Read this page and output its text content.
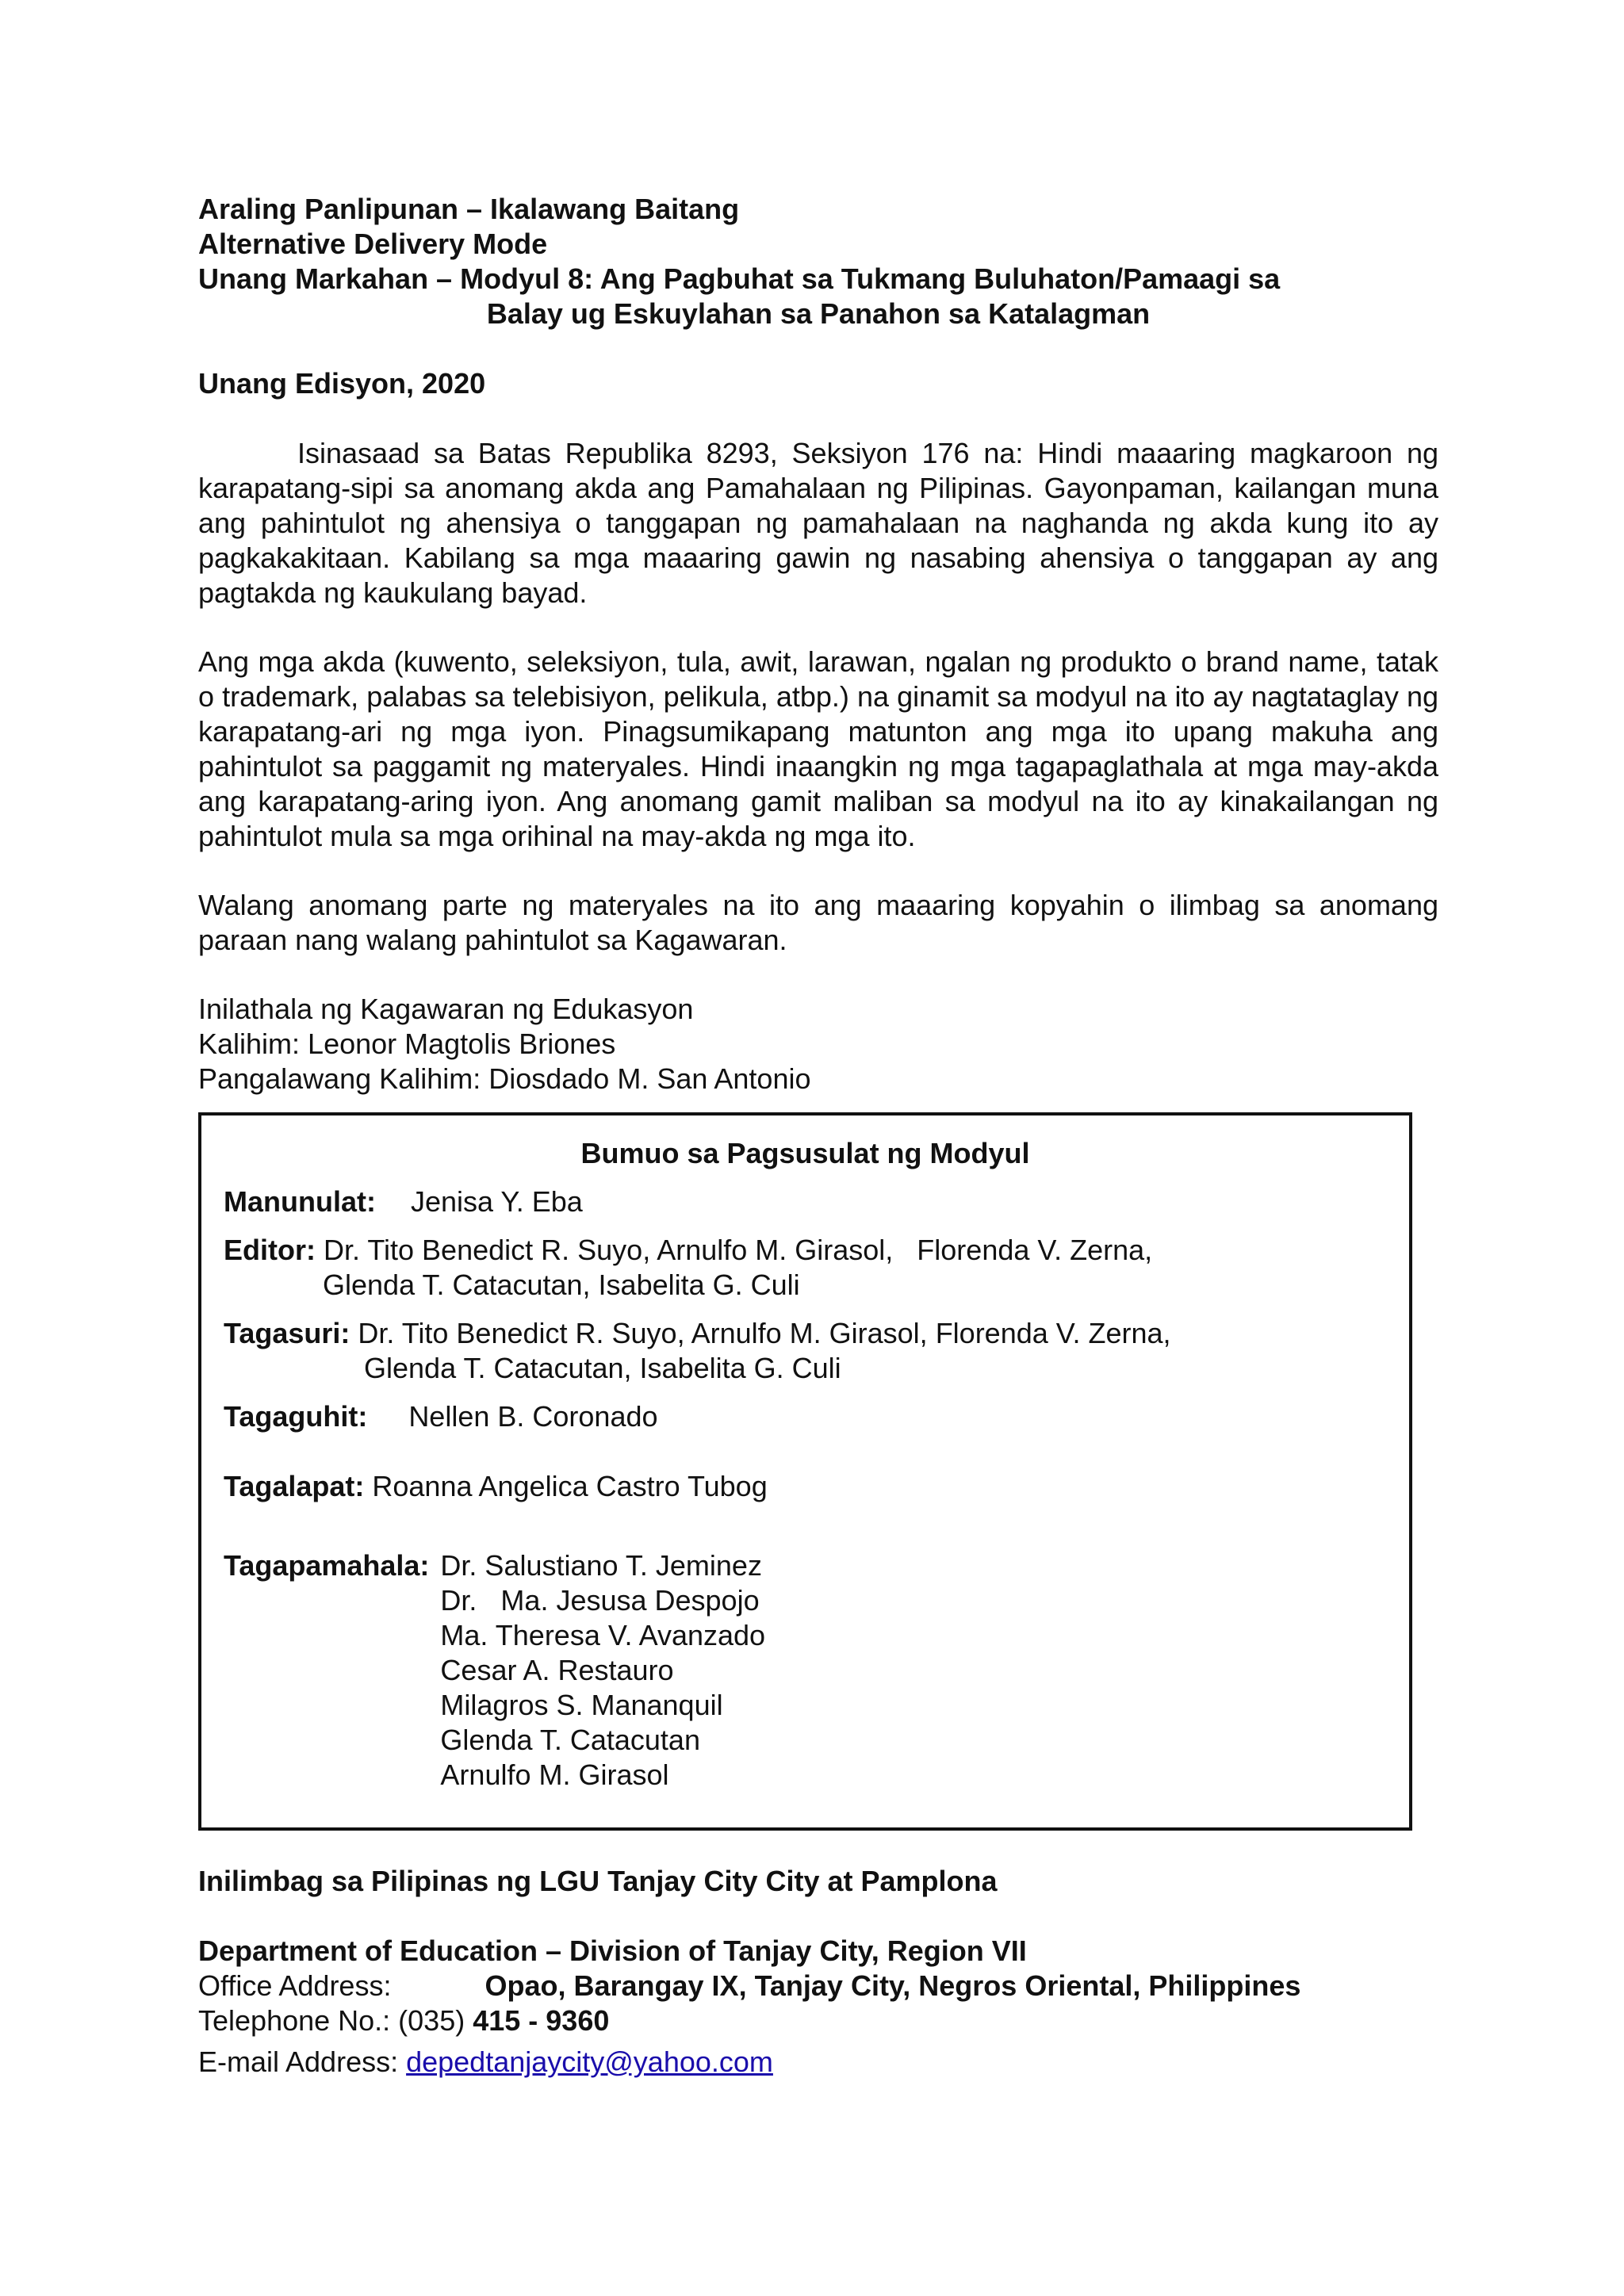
Araling Panlipunan – Ikalawang Baitang
Alternative Delivery Mode
Unang Markahan – Modyul 8: Ang Pagbuhat sa Tukmang Buluhaton/Pamaagi sa
Balay ug Eskuylahan sa Panahon sa Katalagman
Unang Edisyon, 2020

Isinasaad sa Batas Republika 8293, Seksiyon 176 na: Hindi maaaring magkaroon ng karapatang-sipi sa anomang akda ang Pamahalaan ng Pilipinas. Gayonpaman, kailangan muna ang pahintulot ng ahensiya o tanggapan ng pamahalaan na naghanda ng akda kung ito ay pagkakakitaan. Kabilang sa mga maaaring gawin ng nasabing ahensiya o tanggapan ay ang pagtakda ng kaukulang bayad.

Ang mga akda (kuwento, seleksiyon, tula, awit, larawan, ngalan ng produkto o brand name, tatak o trademark, palabas sa telebisiyon, pelikula, atbp.) na ginamit sa modyul na ito ay nagtataglay ng karapatang-ari ng mga iyon. Pinagsumikapang matunton ang mga ito upang makuha ang pahintulot sa paggamit ng materyales. Hindi inaangkin ng mga tagapaglathala at mga may-akda ang karapatang-aring iyon. Ang anomang gamit maliban sa modyul na ito ay kinakailangan ng pahintulot mula sa mga orihinal na may-akda ng mga ito.

Walang anomang parte ng materyales na ito ang maaaring kopyahin o ilimbag sa anomang paraan nang walang pahintulot sa Kagawaran.

Inilathala ng Kagawaran ng Edukasyon
Kalihim: Leonor Magtolis Briones
Pangalawang Kalihim: Diosdado M. San Antonio
Bumuo sa Pagsusulat ng Modyul
Manunulat: Jenisa Y. Eba
Editor: Dr. Tito Benedict R. Suyo, Arnulfo M. Girasol,   Florenda V. Zerna,
Glenda T. Catacutan, Isabelita G. Culi
Tagasuri: Dr. Tito Benedict R. Suyo, Arnulfo M. Girasol, Florenda V. Zerna,
Glenda T. Catacutan, Isabelita G. Culi
Tagaguhit: Nellen B. Coronado
Tagalapat: Roanna Angelica Castro Tubog
Tagapamahala: Dr. Salustiano T. Jeminez
Dr.   Ma. Jesusa Despojo
Ma. Theresa V. Avanzado
Cesar A. Restauro
Milagros S. Mananquil
Glenda T. Catacutan
Arnulfo M. Girasol
Inilimbag sa Pilipinas ng LGU Tanjay City City at Pamplona
Department of Education – Division of Tanjay City, Region VII
Office Address:	Opao, Barangay IX, Tanjay City, Negros Oriental, Philippines
Telephone No.: (035) 415 - 9360
E-mail Address: depedtanjaycity@yahoo.com
